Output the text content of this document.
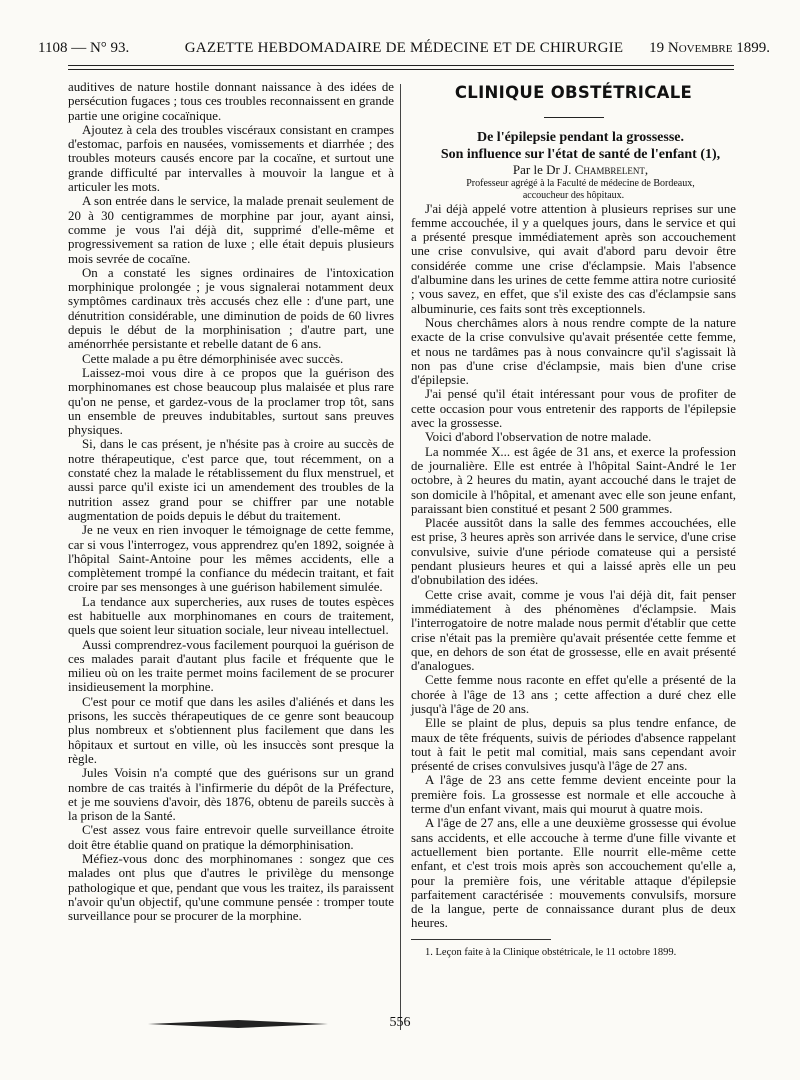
1108 — N° 93.	GAZETTE HEBDOMADAIRE DE MÉDECINE ET DE CHIRURGIE	19 Novembre 1899.

auditives de nature hostile donnant naissance à des idées de persécution fugaces ; tous ces troubles reconnaissent en grande partie une origine cocaïnique.

Ajoutez à cela des troubles viscéraux consistant en crampes d'estomac, parfois en nausées, vomissements et diarrhée ; des troubles moteurs causés encore par la cocaïne, et surtout une grande difficulté par intervalles à mouvoir la langue et à articuler les mots.

A son entrée dans le service, la malade prenait seulement de 20 à 30 centigrammes de morphine par jour, ayant ainsi, comme je vous l'ai déjà dit, supprimé d'elle-même et progressivement sa ration de luxe ; elle était depuis plusieurs mois sevrée de cocaïne.

On a constaté les signes ordinaires de l'intoxication morphinique prolongée ; je vous signalerai notamment deux symptômes cardinaux très accusés chez elle : d'une part, une dénutrition considérable, une diminution de poids de 60 livres depuis le début de la morphinisation ; d'autre part, une aménorrhée persistante et rebelle datant de 6 ans.

Cette malade a pu être démorphinisée avec succès.

Laissez-moi vous dire à ce propos que la guérison des morphinomanes est chose beaucoup plus malaisée et plus rare qu'on ne pense, et gardez-vous de la proclamer trop tôt, sans un ensemble de preuves indubitables, surtout sans preuves physiques.

Si, dans le cas présent, je n'hésite pas à croire au succès de notre thérapeutique, c'est parce que, tout récemment, on a constaté chez la malade le rétablissement du flux menstruel, et aussi parce qu'il existe ici un amendement des troubles de la nutrition assez grand pour se chiffrer par une notable augmentation de poids depuis le début du traitement.

Je ne veux en rien invoquer le témoignage de cette femme, car si vous l'interrogez, vous apprendrez qu'en 1892, soignée à l'hôpital Saint-Antoine pour les mêmes accidents, elle a complètement trompé la confiance du médecin traitant, et fait croire par ses mensonges à une guérison habilement simulée.

La tendance aux supercheries, aux ruses de toutes espèces est habituelle aux morphinomanes en cours de traitement, quels que soient leur situation sociale, leur niveau intellectuel.

Aussi comprendrez-vous facilement pourquoi la guérison de ces malades parait d'autant plus facile et fréquente que le milieu où on les traite permet moins facilement de se procurer insidieusement la morphine.

C'est pour ce motif que dans les asiles d'aliénés et dans les prisons, les succès thérapeutiques de ce genre sont beaucoup plus nombreux et s'obtiennent plus facilement que dans les hôpitaux et surtout en ville, où les insuccès sont presque la règle.

Jules Voisin n'a compté que des guérisons sur un grand nombre de cas traités à l'infirmerie du dépôt de la Préfecture, et je me souviens d'avoir, dès 1876, obtenu de pareils succès à la prison de la Santé.

C'est assez vous faire entrevoir quelle surveillance étroite doit être établie quand on pratique la démorphinisation.

Méfiez-vous donc des morphinomanes : songez que ces malades ont plus que d'autres le privilège du mensonge pathologique et que, pendant que vous les traitez, ils paraissent n'avoir qu'un objectif, qu'une commune pensée : tromper toute surveillance pour se procurer de la morphine.

CLINIQUE OBSTÉTRICALE

De l'épilepsie pendant la grossesse.

Son influence sur l'état de santé de l'enfant (1),

Par le Dr J. Chambrelent,

Professeur agrégé à la Faculté de médecine de Bordeaux,
accoucheur des hôpitaux.

J'ai déjà appelé votre attention à plusieurs reprises sur une femme accouchée, il y a quelques jours, dans le service et qui a présenté presque immédiatement après son accouchement une crise convulsive, qui avait d'abord paru devoir être considérée comme une crise d'éclampsie. Mais l'absence d'albumine dans les urines de cette femme attira notre curiosité ; vous savez, en effet, que s'il existe des cas d'éclampsie sans albuminurie, ces faits sont très exceptionnels.

Nous cherchâmes alors à nous rendre compte de la nature exacte de la crise convulsive qu'avait présentée cette femme, et nous ne tardâmes pas à nous convaincre qu'il s'agissait là non pas d'une crise d'éclampsie, mais bien d'une crise d'épilepsie.

J'ai pensé qu'il était intéressant pour vous de profiter de cette occasion pour vous entretenir des rapports de l'épilepsie avec la grossesse.

Voici d'abord l'observation de notre malade.

La nommée X... est âgée de 31 ans, et exerce la profession de journalière. Elle est entrée à l'hôpital Saint-André le 1er octobre, à 2 heures du matin, ayant accouché dans le trajet de son domicile à l'hôpital, et amenant avec elle son jeune enfant, paraissant bien constitué et pesant 2 500 grammes.

Placée aussitôt dans la salle des femmes accouchées, elle est prise, 3 heures après son arrivée dans le service, d'une crise convulsive, suivie d'une période comateuse qui a persisté pendant plusieurs heures et qui a laissé après elle un peu d'obnubilation des idées.

Cette crise avait, comme je vous l'ai déjà dit, fait penser immédiatement à des phénomènes d'éclampsie. Mais l'interrogatoire de notre malade nous permit d'établir que cette crise n'était pas la première qu'avait présentée cette femme et que, en dehors de son état de grossesse, elle en avait présenté d'analogues.

Cette femme nous raconte en effet qu'elle a présenté de la chorée à l'âge de 13 ans ; cette affection a duré chez elle jusqu'à l'âge de 20 ans.

Elle se plaint de plus, depuis sa plus tendre enfance, de maux de tête fréquents, suivis de périodes d'absence rappelant tout à fait le petit mal comitial, mais sans cependant avoir présenté de crises convulsives jusqu'à l'âge de 27 ans.

A l'âge de 23 ans cette femme devient enceinte pour la première fois. La grossesse est normale et elle accouche à terme d'un enfant vivant, mais qui mourut à quatre mois.

A l'âge de 27 ans, elle a une deuxième grossesse qui évolue sans accidents, et elle accouche à terme d'une fille vivante et actuellement bien portante. Elle nourrit elle-même cette enfant, et c'est trois mois après son accouchement qu'elle a, pour la première fois, une véritable attaque d'épilepsie parfaitement caractérisée : mouvements convulsifs, morsure de la langue, perte de connaissance durant plus de deux heures.

1. Leçon faite à la Clinique obstétricale, le 11 octobre 1899.

556
